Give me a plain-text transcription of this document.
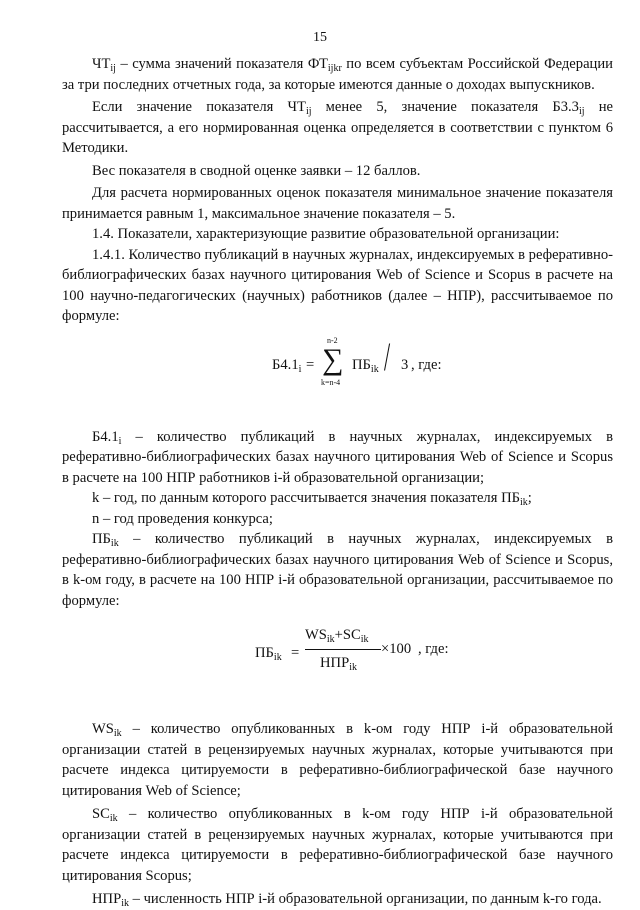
15

$ЧТ_{ij}$ – сумма значений показателя $ФТ_{ijkr}$ по всем субъектам Российской Федерации за три последних отчетных года, за которые имеются данные о доходах выпускников.

Если значение показателя $ЧТ_{ij}$ менее 5, значение показателя $Б3.3_{ij}$ не рассчитывается, а его нормированная оценка определяется в соответствии с пунктом 6 Методики.

Вес показателя в сводной оценке заявки – 12 баллов.

Для расчета нормированных оценок показателя минимальное значение показателя принимается равным 1, максимальное значение показателя – 5.

1.4. Показатели, характеризующие развитие образовательной организации:

1.4.1. Количество публикаций в научных журналах, индексируемых в реферативно-библиографических базах научного цитирования Web of Science и Scopus в расчете на 100 научно-педагогических (научных) работников (далее – НПР), рассчитываемое по формуле:

$Б4.1_i$ =
n-2
∑
k=n-4
$ПБ_{ik} / 3$ , где:

$Б4.1_i$ – количество публикаций в научных журналах, индексируемых в реферативно-библиографических базах научного цитирования Web of Science и Scopus в расчете на 100 НПР работников i-й образовательной организации;

k – год, по данным которого рассчитывается значения показателя $ПБ_{ik}$;

n – год проведения конкурса;

$ПБ_{ik}$ – количество публикаций в научных журналах, индексируемых в реферативно-библиографических базах научного цитирования Web of Science и Scopus, в k-ом году, в расчете на 100 НПР i-й образовательной организации, рассчитываемое по формуле:

$ПБ_{ik}$ =
$WS_{ik}+SC_{ik}$
$НПР_{ik}$
×100 , где:

$WS_{ik}$ – количество опубликованных в k-ом году НПР i-й образовательной организации статей в рецензируемых научных журналах, которые учитываются при расчете индекса цитируемости в реферативно-библиографической базе научного цитирования Web of Science;

$SC_{ik}$ – количество опубликованных в k-ом году НПР i-й образовательной организации статей в рецензируемых научных журналах, которые учитываются при расчете индекса цитируемости в реферативно-библиографической базе научного цитирования Scopus;

$НПР_{ik}$ – численность НПР i-й образовательной организации, по данным k-го года.
